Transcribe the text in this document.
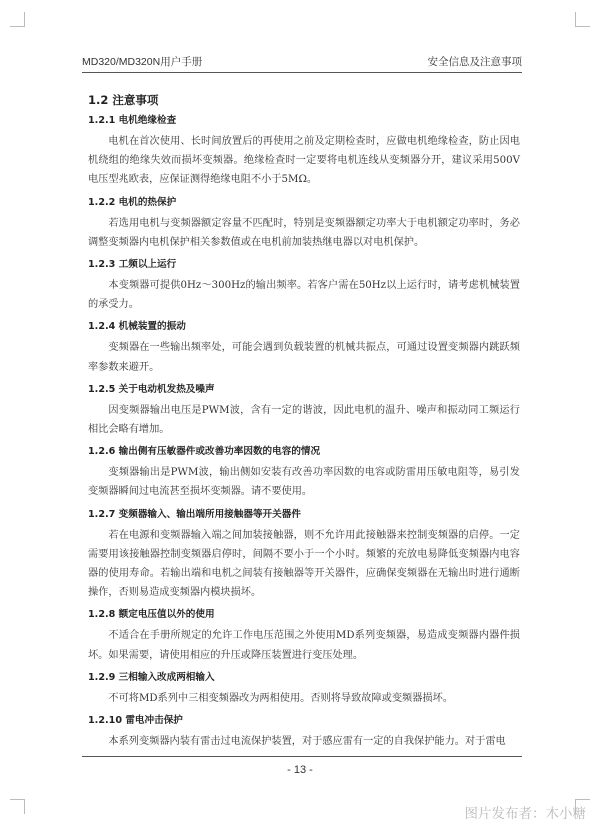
MD320/MD320N用户手册	安全信息及注意事项
1.2 注意事项
1.2.1 电机绝缘检查

电机在首次使用、长时间放置后的再使用之前及定期检查时，应做电机绝缘检查，防止因电机绕组的绝缘失效而损坏变频器。绝缘检查时一定要将电机连线从变频器分开，建议采用500V电压型兆欧表，应保证测得绝缘电阻不小于5MΩ。

1.2.2 电机的热保护

若选用电机与变频器额定容量不匹配时，特别是变频器额定功率大于电机额定功率时，务必调整变频器内电机保护相关参数值或在电机前加装热继电器以对电机保护。

1.2.3 工频以上运行

本变频器可提供0Hz～300Hz的输出频率。若客户需在50Hz以上运行时，请考虑机械装置的承受力。

1.2.4 机械装置的振动

变频器在一些输出频率处，可能会遇到负载装置的机械共振点，可通过设置变频器内跳跃频率参数来避开。

1.2.5 关于电动机发热及噪声

因变频器输出电压是PWM波，含有一定的谐波，因此电机的温升、噪声和振动同工频运行相比会略有增加。

1.2.6 输出侧有压敏器件或改善功率因数的电容的情况

变频器输出是PWM波，输出侧如安装有改善功率因数的电容或防雷用压敏电阻等，易引发变频器瞬间过电流甚至损坏变频器。请不要使用。

1.2.7 变频器输入、输出端所用接触器等开关器件

若在电源和变频器输入端之间加装接触器，则不允许用此接触器来控制变频器的启停。一定需要用该接触器控制变频器启停时，间隔不要小于一个小时。频繁的充放电易降低变频器内电容器的使用寿命。若输出端和电机之间装有接触器等开关器件，应确保变频器在无输出时进行通断操作，否则易造成变频器内模块损坏。

1.2.8 额定电压值以外的使用

不适合在手册所规定的允许工作电压范围之外使用MD系列变频器，易造成变频器内器件损坏。如果需要，请使用相应的升压或降压装置进行变压处理。

1.2.9 三相输入改成两相输入

不可将MD系列中三相变频器改为两相使用。否则将导致故障或变频器损坏。

1.2.10 雷电冲击保护

本系列变频器内装有雷击过电流保护装置，对于感应雷有一定的自我保护能力。对于雷电

- 13 -
图片发布者：木小糖
